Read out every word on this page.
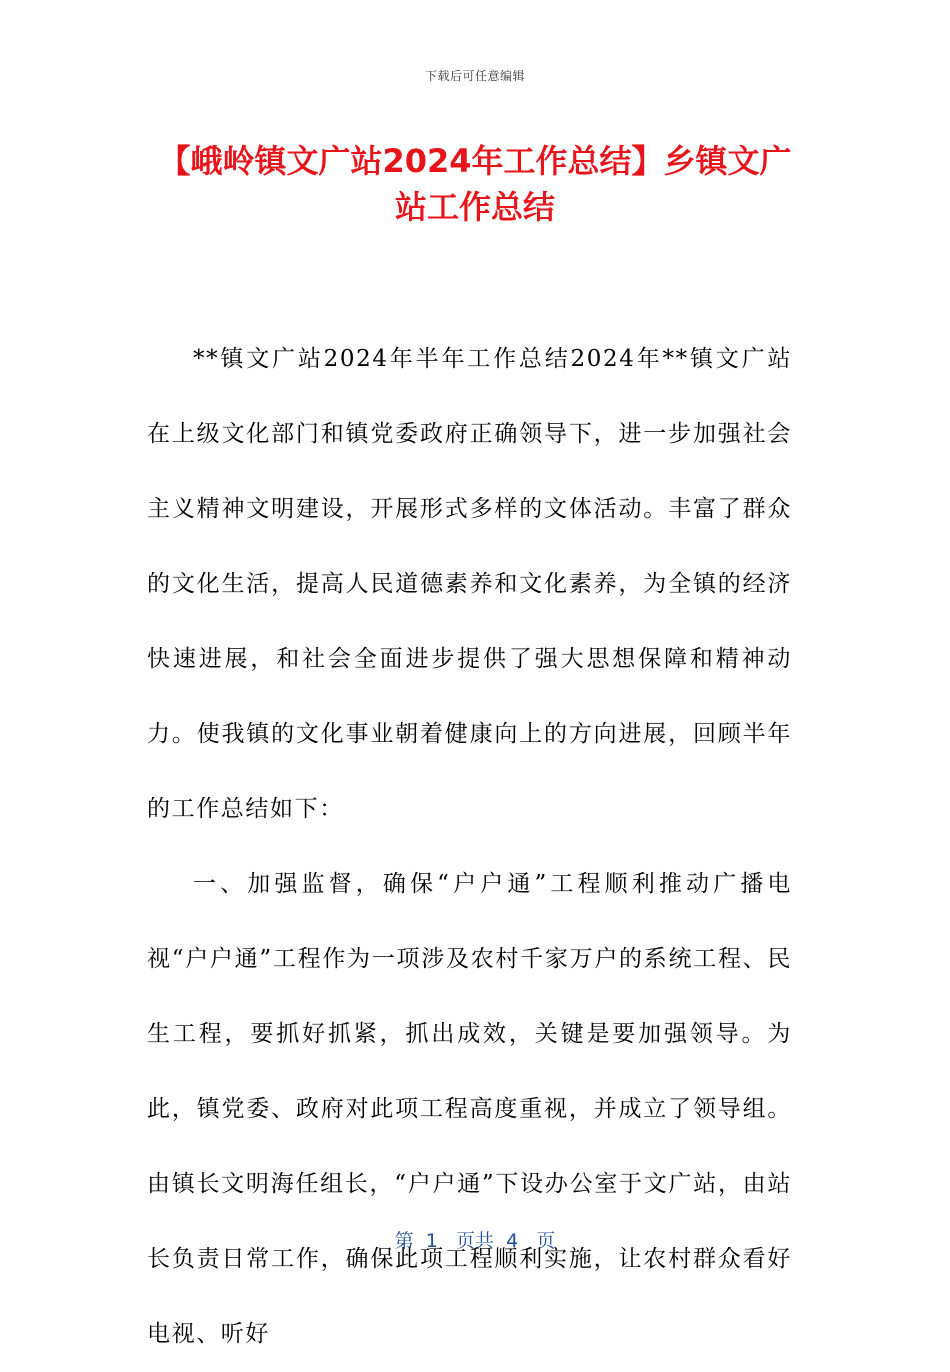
下载后可任意编辑
【峨岭镇文广站2024年工作总结】乡镇文广站工作总结

**镇文广站2024年半年工作总结2024年**镇文广站在上级文化部门和镇党委政府正确领导下，进一步加强社会主义精神文明建设，开展形式多样的文体活动。丰富了群众的文化生活，提高人民道德素养和文化素养，为全镇的经济快速进展，和社会全面进步提供了强大思想保障和精神动力。使我镇的文化事业朝着健康向上的方向进展，回顾半年的工作总结如下：

一、加强监督，确保“户户通”工程顺利推动广播电视“户户通”工程作为一项涉及农村千家万户的系统工程、民生工程，要抓好抓紧，抓出成效，关键是要加强领导。为此，镇党委、政府对此项工程高度重视，并成立了领导组。由镇长文明海任组长，“户户通”下设办公室于文广站，由站长负责日常工作，确保此项工程顺利实施，让农村群众看好电视、听好

第  1   页共  4   页
